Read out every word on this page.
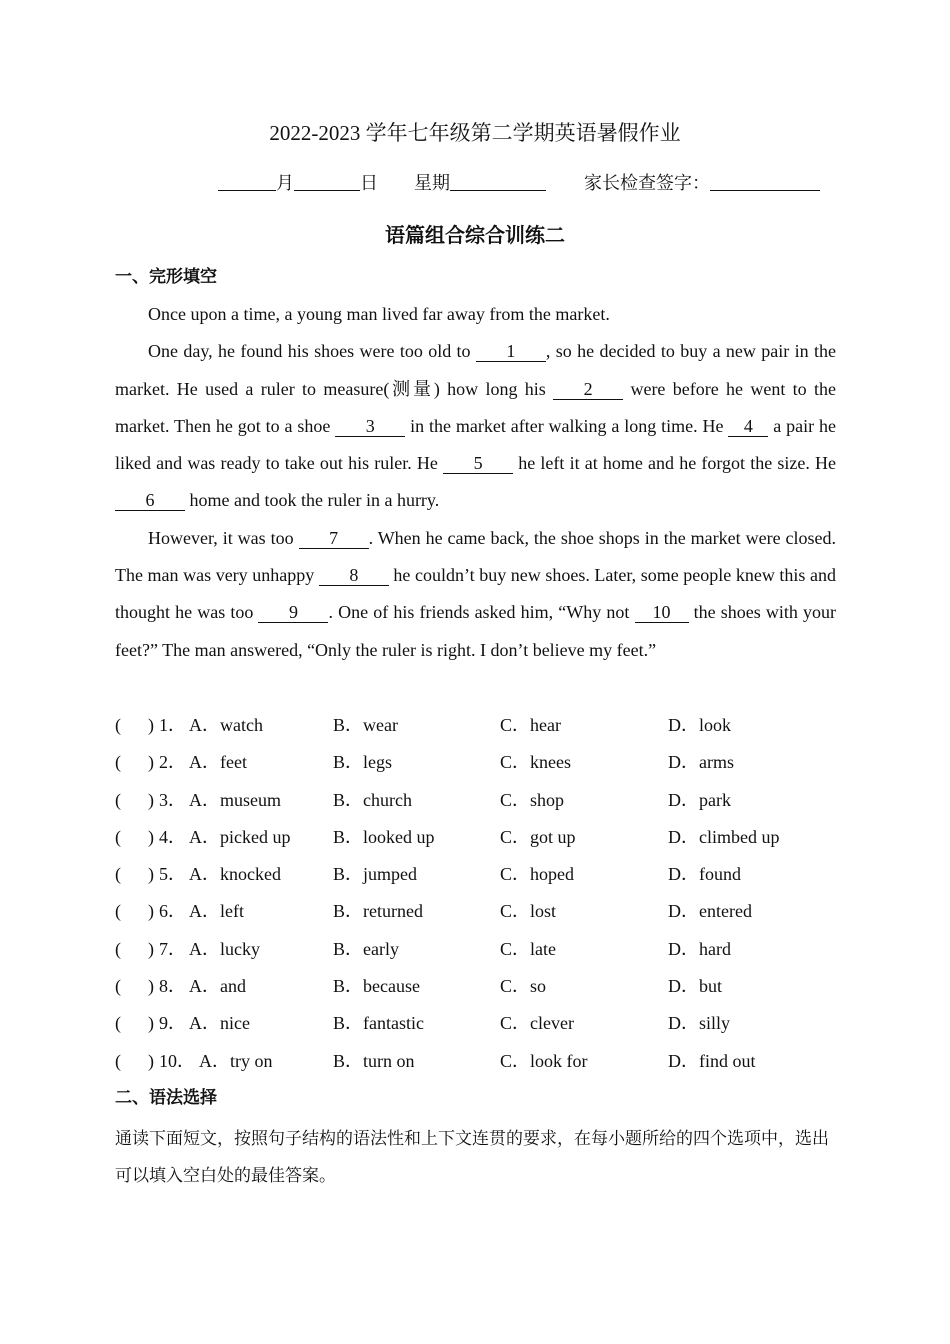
2022-2023 学年七年级第二学期英语暑假作业
月	日 星期	家长检查签字：
语篇组合综合训练二
一、完形填空

Once upon a time, a young man lived far away from the market.

One day, he found his shoes were too old to 1 , so he decided to buy a new pair in the market. He used a ruler to measure(测量) how long his 2 were before he went to the market. Then he got to a shoe 3 in the market after walking a long time. He 4 a pair he liked and was ready to take out his ruler. He 5 he left it at home and he forgot the size. He 6 home and took the ruler in a hurry.

However, it was too 7 . When he came back, the shoe shops in the market were closed. The man was very unhappy 8 he couldn’t buy new shoes. Later, some people knew this and thought he was too 9 . One of his friends asked him, “Why not 10 the shoes with your feet?” The man answered, “Only the ruler is right. I don’t believe my feet.”

( ) 1． A．watch	B．wear	C．hear	D．look
( ) 2． A．feet	B．legs	C．knees	D．arms
( ) 3． A．museum	B．church	C．shop	D．park
( ) 4． A．picked up B．looked up	C．got up	D．climbed up
( ) 5． A．knocked	B．jumped	C．hoped	D．found
( ) 6． A．left	B．returned	C．lost	D．entered
( ) 7． A．lucky	B．early	C．late	D．hard
( ) 8． A．and	B．because	C．so	D．but
( ) 9． A．nice	B．fantastic	C．clever	D．silly
( ) 10． A．try on	B．turn on	C．look for	D．find out
二、语法选择

通读下面短文，按照句子结构的语法性和上下文连贯的要求，在每小题所给的四个选项中，选出可以填入空白处的最佳答案。
